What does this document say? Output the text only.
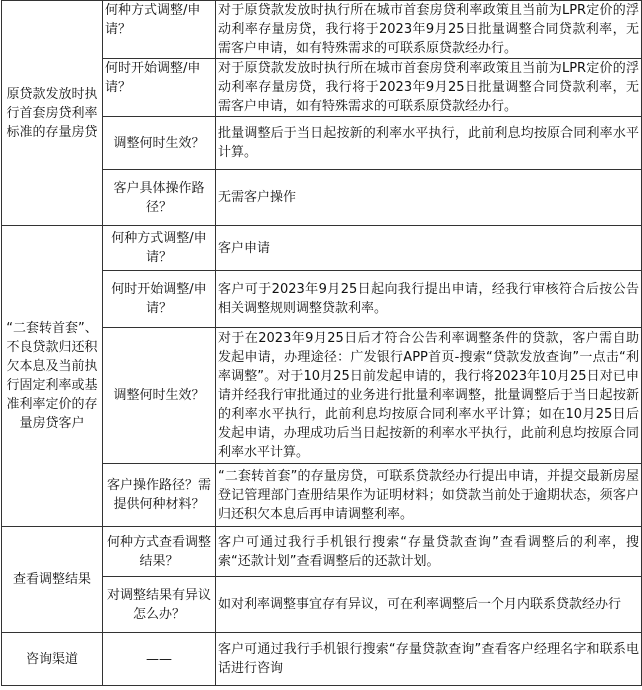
原贷款发放时执行首套房贷利率标准的存量房贷	何种方式调整/申请？	对于原贷款发放时执行所在城市首套房贷利率政策且当前为LPR定价的浮动利率存量房贷，我行将于2023年9月25日批量调整合同贷款利率，无需客户申请，如有特殊需求的可联系原贷款经办行。
	何时开始调整/申请？	对于原贷款发放时执行所在城市首套房贷利率政策且当前为LPR定价的浮动利率存量房贷，我行将于2023年9月25日批量调整合同贷款利率，无需客户申请，如有特殊需求的可联系原贷款经办行。
	调整何时生效？	批量调整后于当日起按新的利率水平执行，此前利息均按原合同利率水平计算。
	客户具体操作路径？	无需客户操作
“二套转首套”、不良贷款归还积欠本息及当前执行固定利率或基准利率定价的存量房贷客户	何种方式调整/申请？	客户申请
	何时开始调整/申请？	客户可于2023年9月25日起向我行提出申请，经我行审核符合后按公告相关调整规则调整贷款利率。
	调整何时生效？	对于在2023年9月25日后才符合公告利率调整条件的贷款，客户需自助发起申请，办理途径：广发银行APP首页-搜索“贷款发放查询”一点击“利率调整”。对于10月25日前发起申请的，我行将2023年10月25日对已申请并经我行审批通过的业务进行批量利率调整，批量调整后于当日起按新的利率水平执行，此前利息均按原合同利率水平计算；如在10月25日后发起申请，办理成功后当日起按新的利率水平执行，此前利息均按原合同利率水平计算。
	客户操作路径？需提供何种材料？	“二套转首套”的存量房贷，可联系贷款经办行提出申请，并提交最新房屋登记管理部门查册结果作为证明材料；如贷款当前处于逾期状态，须客户归还积欠本息后再申请调整利率。
查看调整结果	何种方式查看调整结果？	客户可通过我行手机银行搜索“存量贷款查询”查看调整后的利率，搜索“还款计划”查看调整后的还款计划。
	对调整结果有异议怎么办？	如对利率调整事宜存有异议，可在利率调整后一个月内联系贷款经办行
咨询渠道	——	客户可通过我行手机银行搜索“存量贷款查询”查看客户经理名字和联系电话进行咨询
